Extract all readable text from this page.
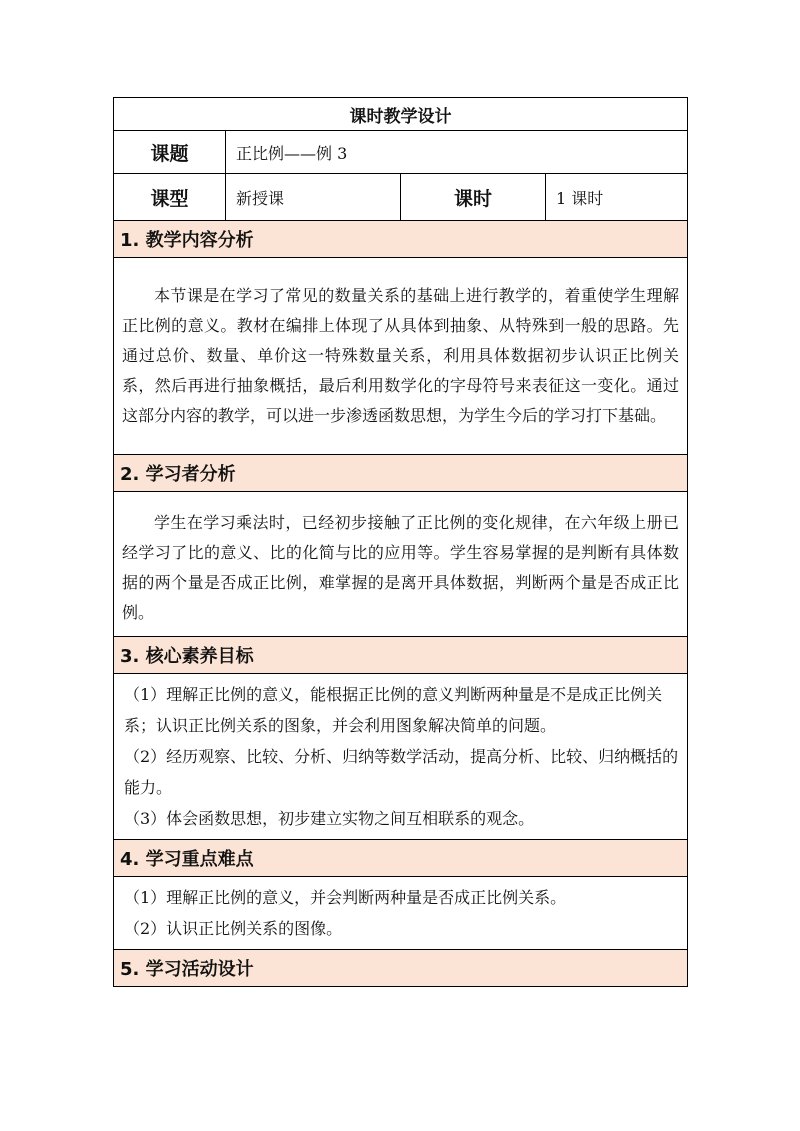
课时教学设计			
课题	正比例——例 3		
课型	新授课	课时	1 课时
1. 教学内容分析			

本节课是在学习了常见的数量关系的基础上进行教学的，着重使学生理解正比例的意义。教材在编排上体现了从具体到抽象、从特殊到一般的思路。先通过总价、数量、单价这一特殊数量关系，利用具体数据初步认识正比例关系，然后再进行抽象概括，最后利用数学化的字母符号来表征这一变化。通过这部分内容的教学，可以进一步渗透函数思想，为学生今后的学习打下基础。			

2. 学习者分析			

学生在学习乘法时，已经初步接触了正比例的变化规律，在六年级上册已经学习了比的意义、比的化简与比的应用等。学生容易掌握的是判断有具体数据的两个量是否成正比例，难掌握的是离开具体数据，判断两个量是否成正比例。			

3. 核心素养目标			

（1）理解正比例的意义，能根据正比例的意义判断两种量是不是成正比例关系；认识正比例关系的图象，并会利用图象解决简单的问题。

（2）经历观察、比较、分析、归纳等数学活动，提高分析、比较、归纳概括的能力。

（3）体会函数思想，初步建立实物之间互相联系的观念。			

4. 学习重点难点			

（1）理解正比例的意义，并会判断两种量是否成正比例关系。

（2）认识正比例关系的图像。			

5. 学习活动设计			
